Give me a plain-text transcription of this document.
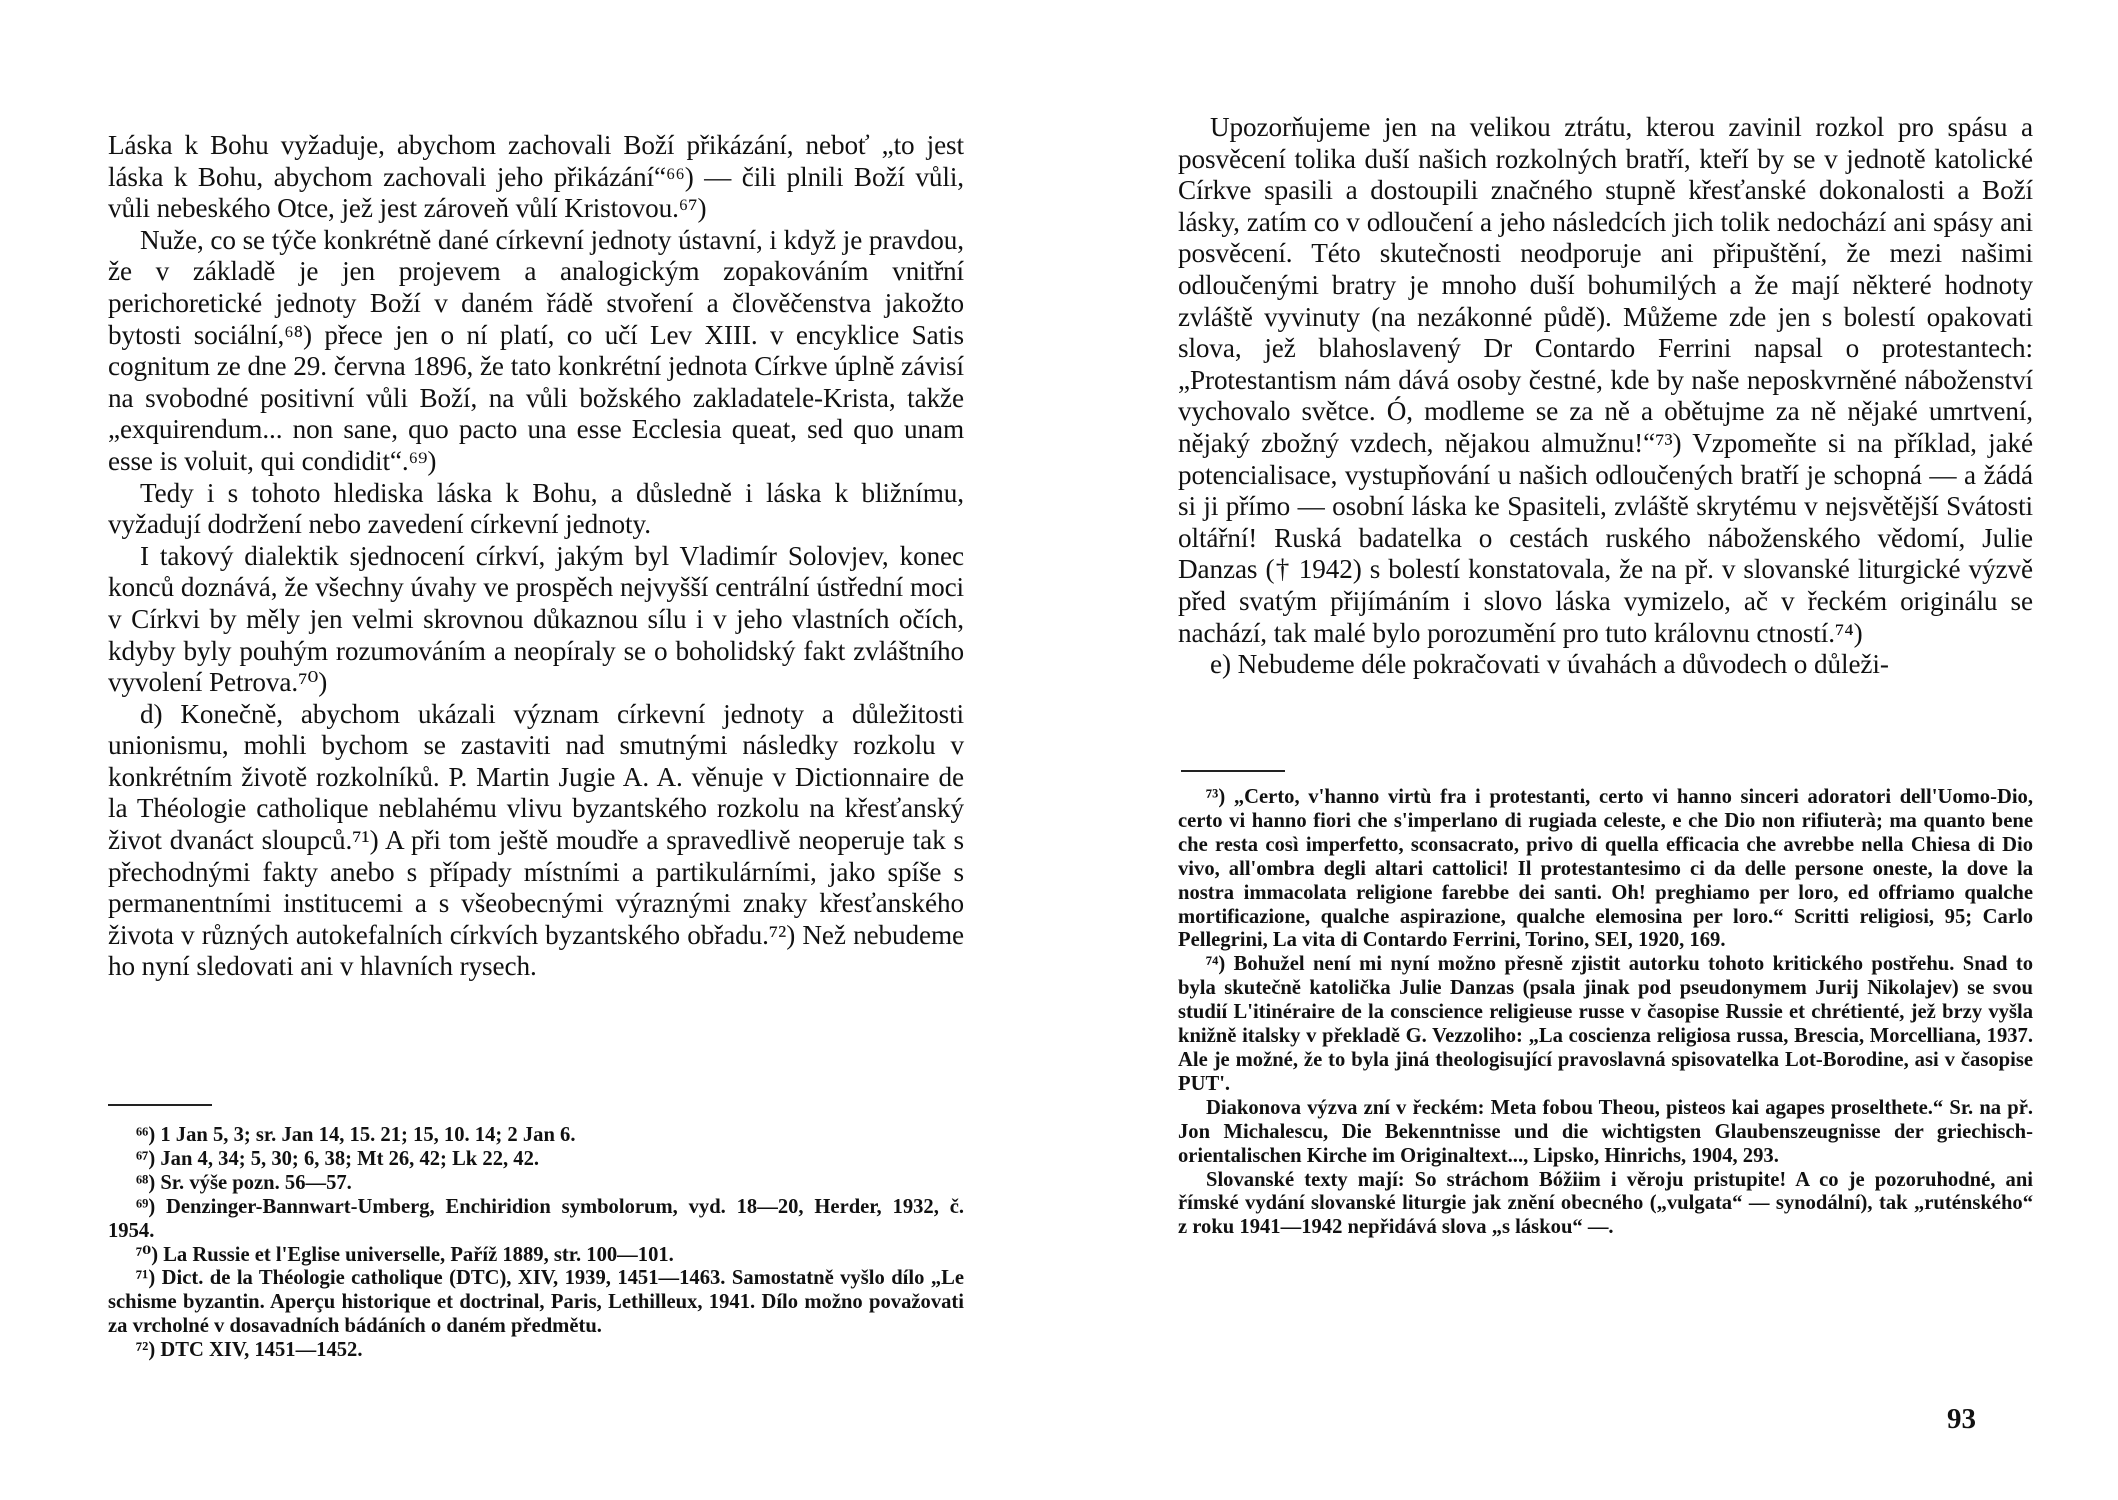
Láska k Bohu vyžaduje, abychom zachovali Boží přikázání, neboť „to jest láska k Bohu, abychom zachovali jeho přikázání“⁶⁶) — čili plnili Boží vůli, vůli nebeského Otce, jež jest zároveň vůlí Kristovou.⁶⁷)

Nuže, co se týče konkrétně dané církevní jednoty ústavní, i když je pravdou, že v základě je jen projevem a analogickým zopakováním vnitřní perichoretické jednoty Boží v daném řádě stvoření a člověčenstva jakožto bytosti sociální,⁶⁸) přece jen o ní platí, co učí Lev XIII. v encyklice Satis cognitum ze dne 29. června 1896, že tato konkrétní jednota Církve úplně závisí na svobodné positivní vůli Boží, na vůli božského zakladatele-Krista, takže „exquirendum... non sane, quo pacto una esse Ecclesia queat, sed quo unam esse is voluit, qui condidit“.⁶⁹)

Tedy i s tohoto hlediska láska k Bohu, a důsledně i láska k bližnímu, vyžadují dodržení nebo zavedení církevní jednoty.

I takový dialektik sjednocení církví, jakým byl Vladimír Solovjev, konec konců doznává, že všechny úvahy ve prospěch nejvyšší centrální ústřední moci v Církvi by měly jen velmi skrovnou důkaznou sílu i v jeho vlastních očích, kdyby byly pouhým rozumováním a neopíraly se o boholidský fakt zvláštního vyvolení Petrova.⁷⁰)

d) Konečně, abychom ukázali význam církevní jednoty a důležitosti unionismu, mohli bychom se zastaviti nad smutnými následky rozkolu v konkrétním životě rozkolníků. P. Martin Jugie A. A. věnuje v Dictionnaire de la Théologie catholique neblahému vlivu byzantského rozkolu na křesťanský život dvanáct sloupců.⁷¹) A při tom ještě moudře a spravedlivě neoperuje tak s přechodnými fakty anebo s případy místními a partikulárními, jako spíše s permanentními institucemi a s všeobecnými výraznými znaky křesťanského života v různých autokefalních církvích byzantského obřadu.⁷²) Než nebudeme ho nyní sledovati ani v hlavních rysech.

⁶⁶) 1 Jan 5, 3; sr. Jan 14, 15. 21; 15, 10. 14; 2 Jan 6.

⁶⁷) Jan 4, 34; 5, 30; 6, 38; Mt 26, 42; Lk 22, 42.

⁶⁸) Sr. výše pozn. 56—57.

⁶⁹) Denzinger-Bannwart-Umberg, Enchiridion symbolorum, vyd. 18—20, Herder, 1932, č. 1954.

⁷⁰) La Russie et l'Eglise universelle, Paříž 1889, str. 100—101.

⁷¹) Dict. de la Théologie catholique (DTC), XIV, 1939, 1451—1463. Samostatně vyšlo dílo „Le schisme byzantin. Aperçu historique et doctrinal, Paris, Lethilleux, 1941. Dílo možno považovati za vrcholné v dosavadních bádáních o daném předmětu.

⁷²) DTC XIV, 1451—1452.

Upozorňujeme jen na velikou ztrátu, kterou zavinil rozkol pro spásu a posvěcení tolika duší našich rozkolných bratří, kteří by se v jednotě katolické Církve spasili a dostoupili značného stupně křesťanské dokonalosti a Boží lásky, zatím co v odloučení a jeho následcích jich tolik nedochází ani spásy ani posvěcení. Této skutečnosti neodporuje ani připuštění, že mezi našimi odloučenými bratry je mnoho duší bohumilých a že mají některé hodnoty zvláště vyvinuty (na nezákonné půdě). Můžeme zde jen s bolestí opakovati slova, jež blahoslavený Dr Contardo Ferrini napsal o protestantech: „Protestantism nám dává osoby čestné, kde by naše neposkvrněné náboženství vychovalo světce. Ó, modleme se za ně a obětujme za ně nějaké umrtvení, nějaký zbožný vzdech, nějakou almužnu!“⁷³) Vzpomeňte si na příklad, jaké potencialisace, vystupňování u našich odloučených bratří je schopná — a žádá si ji přímo — osobní láska ke Spasiteli, zvláště skrytému v nejsvětější Svátosti oltářní! Ruská badatelka o cestách ruského náboženského vědomí, Julie Danzas († 1942) s bolestí konstatovala, že na př. v slovanské liturgické výzvě před svatým přijímáním i slovo láska vymizelo, ač v řeckém originálu se nachází, tak malé bylo porozumění pro tuto královnu ctností.⁷⁴)

e) Nebudeme déle pokračovati v úvahách a důvodech o důleži-

⁷³) „Certo, v'hanno virtù fra i protestanti, certo vi hanno sinceri adoratori dell'Uomo-Dio, certo vi hanno fiori che s'imperlano di rugiada celeste, e che Dio non rifiuterà; ma quanto bene che resta così imperfetto, sconsacrato, privo di quella efficacia che avrebbe nella Chiesa di Dio vivo, all'ombra degli altari cattolici! Il protestantesimo ci da delle persone oneste, la dove la nostra immacolata religione farebbe dei santi. Oh! preghiamo per loro, ed offriamo qualche mortificazione, qualche aspirazione, qualche elemosina per loro.“ Scritti religiosi, 95; Carlo Pellegrini, La vita di Contardo Ferrini, Torino, SEI, 1920, 169.

⁷⁴) Bohužel není mi nyní možno přesně zjistit autorku tohoto kritického postřehu. Snad to byla skutečně katolička Julie Danzas (psala jinak pod pseudonymem Jurij Nikolajev) se svou studií L'itinéraire de la conscience religieuse russe v časopise Russie et chrétienté, jež brzy vyšla knižně italsky v překladě G. Vezzoliho: „La coscienza religiosa russa, Brescia, Morcelliana, 1937. Ale je možné, že to byla jiná theologisující pravoslavná spisovatelka Lot-Borodine, asi v časopise PUT'.

Diakonova výzva zní v řeckém: Meta fobou Theou, pisteos kai agapes proselthete.“ Sr. na př. Jon Michalescu, Die Bekenntnisse und die wichtigsten Glaubenszeugnisse der griechisch-orientalischen Kirche im Originaltext..., Lipsko, Hinrichs, 1904, 293.

Slovanské texty mají: So stráchom Bóžiim i věroju pristupite! A co je pozoruhodné, ani římské vydání slovanské liturgie jak znění obecného („vulgata“ — synodální), tak „ruténského“ z roku 1941—1942 nepřidává slova „s láskou“ —.

93
